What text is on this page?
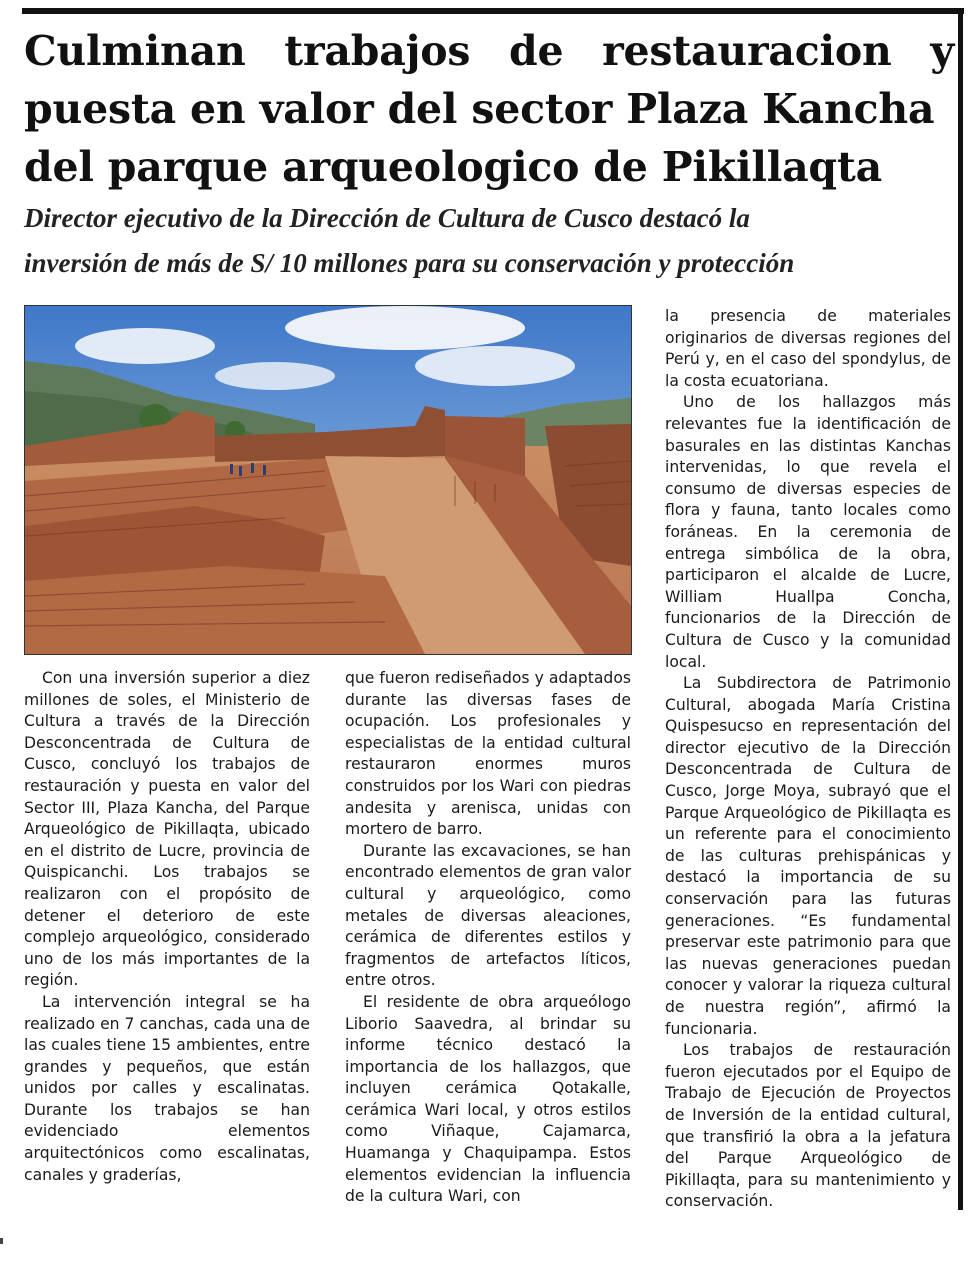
Culminan trabajos de restauracion y
puesta en valor del sector Plaza Kancha
del parque arqueologico de Pikillaqta
Director ejecutivo de la Dirección de Cultura de Cusco destacó la
inversión de más de S/ 10 millones para su conservación y protección

Con una inversión superior a diez millones de soles, el Ministerio de Cultura a través de la Dirección Desconcentrada de Cultura de Cusco, concluyó los trabajos de restauración y puesta en valor del Sector III, Plaza Kancha, del Parque Arqueológico de Pikillaqta, ubicado en el distrito de Lucre, provincia de Quispicanchi. Los trabajos se realizaron con el propósito de detener el deterioro de este complejo arqueológico, considerado uno de los más importantes de la región.

La intervención integral se ha realizado en 7 canchas, cada una de las cuales tiene 15 ambientes, entre grandes y pequeños, que están unidos por calles y escalinatas. Durante los trabajos se han evidenciado elementos arquitectónicos como escalinatas, canales y graderías,

que fueron rediseñados y adaptados durante las diversas fases de ocupación. Los profesionales y especialistas de la entidad cultural restauraron enormes muros construidos por los Wari con piedras andesita y arenisca, unidas con mortero de barro.

Durante las excavaciones, se han encontrado elementos de gran valor cultural y arqueológico, como metales de diversas aleaciones, cerámica de diferentes estilos y fragmentos de artefactos líticos, entre otros.

El residente de obra arqueólogo Liborio Saavedra, al brindar su informe técnico destacó la importancia de los hallazgos, que incluyen cerámica Qotakalle, cerámica Wari local, y otros estilos como Viñaque, Cajamarca, Huamanga y Chaquipampa. Estos elementos evidencian la influencia de la cultura Wari, con

la presencia de materiales originarios de diversas regiones del Perú y, en el caso del spondylus, de la costa ecuatoriana.

Uno de los hallazgos más relevantes fue la identificación de basurales en las distintas Kanchas intervenidas, lo que revela el consumo de diversas especies de flora y fauna, tanto locales como foráneas. En la ceremonia de entrega simbólica de la obra, participaron el alcalde de Lucre, William Huallpa Concha, funcionarios de la Dirección de Cultura de Cusco y la comunidad local.

La Subdirectora de Patrimonio Cultural, abogada María Cristina Quispesucso en representación del director ejecutivo de la Dirección Desconcentrada de Cultura de Cusco, Jorge Moya, subrayó que el Parque Arqueológico de Pikillaqta es un referente para el conocimiento de las culturas prehispánicas y destacó la importancia de su conservación para las futuras generaciones. “Es fundamental preservar este patrimonio para que las nuevas generaciones puedan conocer y valorar la riqueza cultural de nuestra región”, afirmó la funcionaria.

Los trabajos de restauración fueron ejecutados por el Equipo de Trabajo de Ejecución de Proyectos de Inversión de la entidad cultural, que transfirió la obra a la jefatura del Parque Arqueológico de Pikillaqta, para su mantenimiento y conservación.
